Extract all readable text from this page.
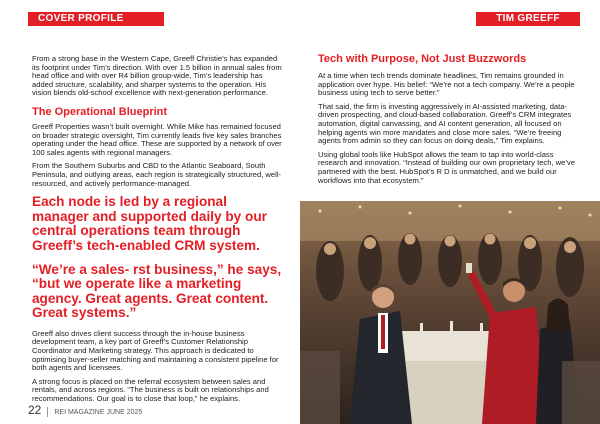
COVER PROFILE	TIM GREEFF

From a strong base in the Western Cape, Greeff Christie’s has expanded its footprint under Tim’s direction. With over 1.5 billion in annual sales from head office and with over R4 billion group-wide, Tim’s leadership has added structure, scalability, and sharper systems to the operation. His vision blends old-school excellence with next-generation performance.

The Operational Blueprint

Greeff Properties wasn’t built overnight. While Mike has remained focused on broader strategic oversight, Tim currently leads five key sales branches operating under the head office. These are supported by a network of over 100 sales agents with regional managers.

From the Southern Suburbs and CBD to the Atlantic Seaboard, South Peninsula, and outlying areas, each region is strategically structured, well-resourced, and actively performance-managed.

Each node is led by a regional manager and supported daily by our central operations team through Greeff’s tech-enabled CRM system.
“We’re a sales- rst business,” he says, “but we operate like a marketing agency. Great agents. Great content. Great systems.”

Greeff also drives client success through the in-house business development team, a key part of Greeff’s Customer Relationship Coordinator and Marketing strategy. This approach is dedicated to optimising buyer-seller matching and maintaining a consistent pipeline for both agents and licensees.

A strong focus is placed on the referral ecosystem between sales and rentals, and across regions. “The business is built on relationships and recommendations. Our goal is to close that loop,” he explains.

Tech with Purpose, Not Just Buzzwords

At a time when tech trends dominate headlines, Tim remains grounded in application over hype. His belief: “We’re not a tech company. We’re a people business using tech to serve better.”

That said, the firm is investing aggressively in AI-assisted marketing, data-driven prospecting, and cloud-based collaboration. Greeff’s CRM integrates automation, digital canvassing, and AI content generation, all focused on helping agents win more mandates and close more sales. “We’re freeing agents from admin so they can focus on doing deals,” Tim explains.

Using global tools like HubSpot allows the team to tap into world-class research and innovation. “Instead of building our own proprietary tech, we’ve partnered with the best. HubSpot’s R D is unmatched, and we build our workflows into that ecosystem.”

22 REI MAGAZINE JUNE 2025
